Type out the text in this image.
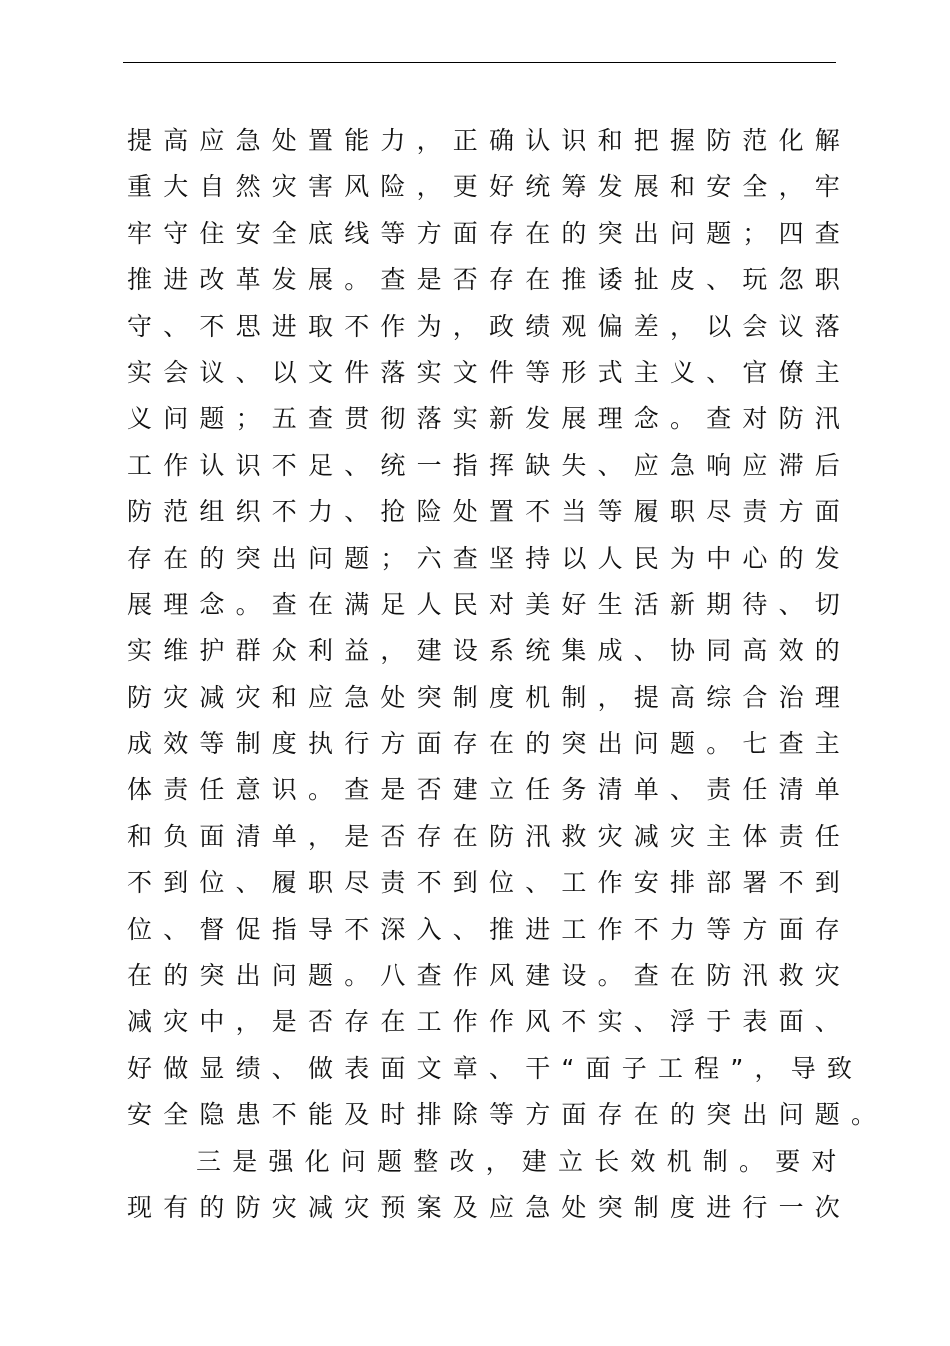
提高应急处置能力，正确认识和把握防范化解
重大自然灾害风险，更好统筹发展和安全，牢
牢守住安全底线等方面存在的突出问题；四查
推进改革发展。查是否存在推诿扯皮、玩忽职
守、不思进取不作为，政绩观偏差，以会议落
实会议、以文件落实文件等形式主义、官僚主
义问题；五查贯彻落实新发展理念。查对防汛
工作认识不足、统一指挥缺失、应急响应滞后
防范组织不力、抢险处置不当等履职尽责方面
存在的突出问题；六查坚持以人民为中心的发
展理念。查在满足人民对美好生活新期待、切
实维护群众利益，建设系统集成、协同高效的
防灾减灾和应急处突制度机制，提高综合治理
成效等制度执行方面存在的突出问题。七查主
体责任意识。查是否建立任务清单、责任清单
和负面清单，是否存在防汛救灾减灾主体责任
不到位、履职尽责不到位、工作安排部署不到
位、督促指导不深入、推进工作不力等方面存
在的突出问题。八查作风建设。查在防汛救灾
减灾中，是否存在工作作风不实、浮于表面、
好做显绩、做表面文章、干“面子工程”，导致
安全隐患不能及时排除等方面存在的突出问题。
三是强化问题整改，建立长效机制。要对
现有的防灾减灾预案及应急处突制度进行一次
